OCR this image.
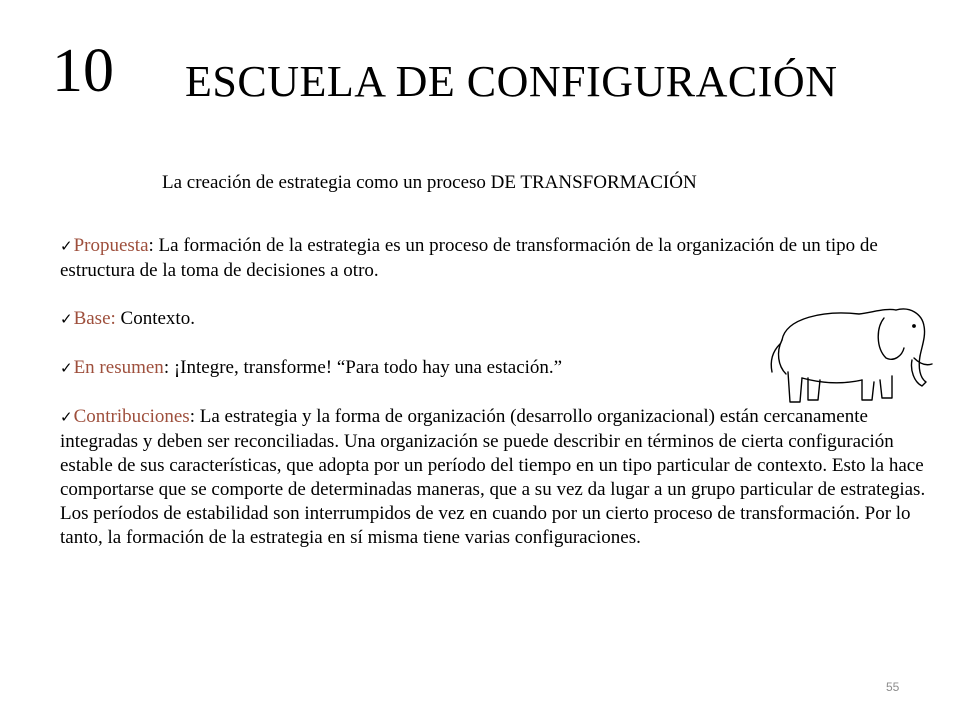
10 ESCUELA DE CONFIGURACIÓN
La creación de estrategia como un proceso DE TRANSFORMACIÓN

✓Propuesta: La formación de la estrategia es un proceso de transformación de la organización de un tipo de estructura de la toma de decisiones a otro.

✓Base: Contexto.

✓En resumen: ¡Integre, transforme! “Para todo hay una estación.”

✓Contribuciones: La estrategia y la forma de organización (desarrollo organizacional) están cercanamente integradas y deben ser reconciliadas. Una organización se puede describir en términos de cierta configuración estable de sus características, que adopta por un período del tiempo en un tipo particular de contexto. Esto la hace comportarse que se comporte de determinadas maneras, que a su vez da lugar a un grupo particular de estrategias. Los períodos de estabilidad son interrumpidos de vez en cuando por un cierto proceso de transformación. Por lo tanto, la formación de la estrategia en sí misma tiene varias configuraciones.

55
